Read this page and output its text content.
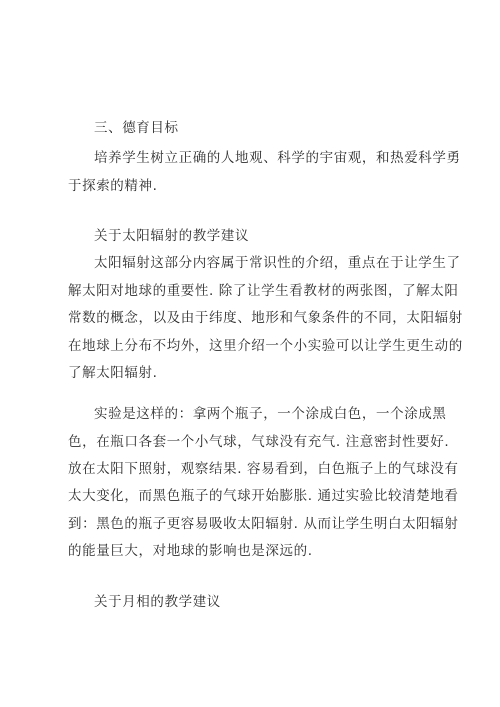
三、德育目标
培养学生树立正确的人地观、科学的宇宙观，和热爱科学勇
于探索的精神.
关于太阳辐射的教学建议
太阳辐射这部分内容属于常识性的介绍，重点在于让学生了
解太阳对地球的重要性. 除了让学生看教材的两张图，了解太阳
常数的概念，以及由于纬度、地形和气象条件的不同，太阳辐射
在地球上分布不均外，这里介绍一个小实验可以让学生更生动的
了解太阳辐射.
实验是这样的：拿两个瓶子，一个涂成白色，一个涂成黑
色，在瓶口各套一个小气球，气球没有充气. 注意密封性要好.
放在太阳下照射，观察结果. 容易看到，白色瓶子上的气球没有
太大变化，而黑色瓶子的气球开始膨胀. 通过实验比较清楚地看
到：黑色的瓶子更容易吸收太阳辐射. 从而让学生明白太阳辐射
的能量巨大，对地球的影响也是深远的.
关于月相的教学建议
